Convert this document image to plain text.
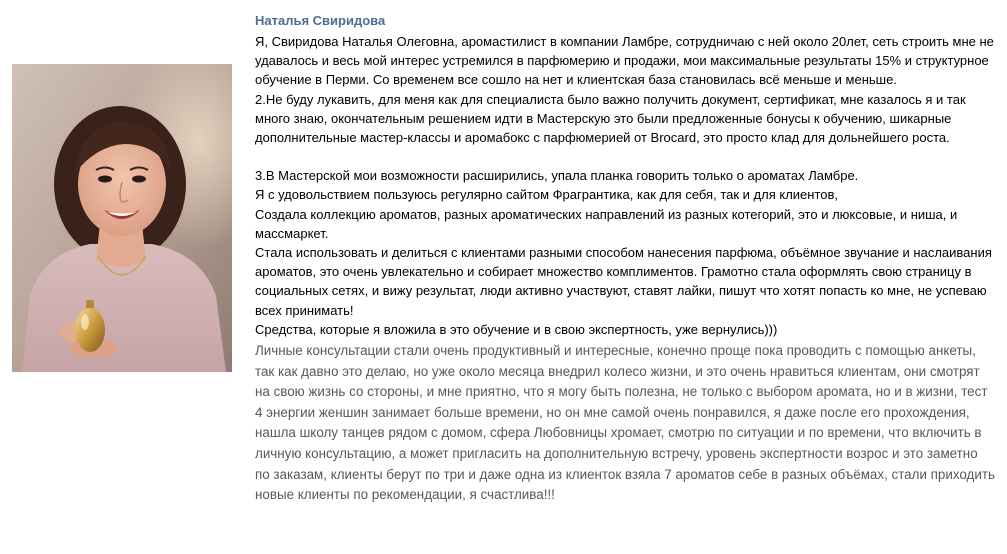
Наталья Свиридова

Я, Свиридова Наталья Олеговна, аромастилист в компании Ламбре, сотрудничаю с ней около 20лет, сеть строить мне не удавалось и весь мой интерес устремился в парфюмерию и продажи, мои максимальные результаты 15% и структурное обучение в Перми. Со временем все сошло на нет и клиентская база становилась всё меньше и меньше.

2.Не буду лукавить, для меня как для специалиста было важно получить документ, сертификат, мне казалось я и так много знаю, окончательным решением идти в Мастерскую это были предложенные бонусы к обучению, шикарные дополнительные мастер-классы и аромабокс с парфюмерией от Brocard, это просто клад для дольнейшего роста.

3.В Мастерской мои возможности расширились, упала планка говорить только о ароматах Ламбре.

Я с удовольствием пользуюсь регулярно сайтом Фрагрантика, как для себя, так и для клиентов,

Создала коллекцию ароматов, разных ароматических направлений из разных котегорий, это и люксовые, и ниша, и массмаркет.

Стала использовать и делиться с клиентами разными способом нанесения парфюма, объёмное звучание и наслаивания ароматов, это очень увлекательно и собирает множество комплиментов. Грамотно стала оформлять свою страницу в социальных сетях, и вижу результат, люди активно участвуют, ставят лайки, пишут что хотят попасть ко мне, не успеваю всех принимать!

Средства, которые я вложила в это обучение и в свою экспертность, уже вернулись)))

Личные консультации стали очень продуктивный и интересные, конечно проще пока проводить с помощью анкеты, так как давно это делаю, но уже около месяца внедрил колесо жизни, и это очень нравиться клиентам, они смотрят на свою жизнь со стороны, и мне приятно, что я могу быть полезна, не только с выбором аромата, но и в жизни, тест 4 энергии женшин занимает больше времени, но он мне самой очень понравился, я даже после его прохождения, нашла школу танцев рядом с домом, сфера Любовницы хромает, смотрю по ситуации и по времени, что включить в личную консультацию, а может пригласить на дополнительную встречу, уровень экспертности возрос и это заметно по заказам, клиенты берут по три и даже одна из клиенток взяла 7 ароматов себе в разных объёмах, стали приходить новые клиенты по рекомендации, я счастлива!!!
